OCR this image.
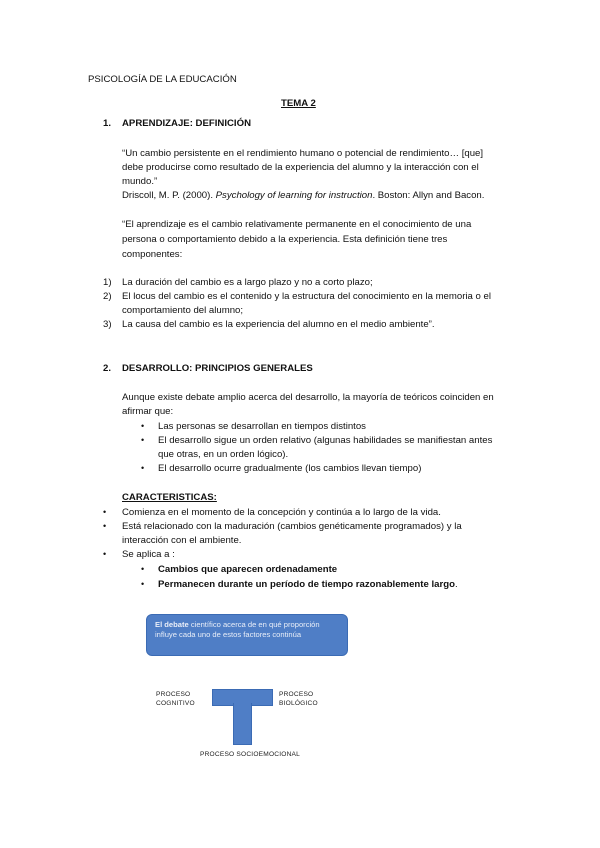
PSICOLOGÍA DE LA EDUCACIÓN
TEMA 2
1. APRENDIZAJE: DEFINICIÓN
“Un cambio persistente en el rendimiento humano o potencial de rendimiento… [que]
debe producirse como resultado de la experiencia del alumno y la interacción con el
mundo.”
Driscoll, M. P. (2000). Psychology of learning for instruction. Boston: Allyn and Bacon.
“El aprendizaje es el cambio relativamente permanente en el conocimiento de una
persona o comportamiento debido a la experiencia. Esta definición tiene tres
componentes:
1) La duración del cambio es a largo plazo y no a corto plazo;
2) El locus del cambio es el contenido y la estructura del conocimiento en la memoria o el
comportamiento del alumno;
3) La causa del cambio es la experiencia del alumno en el medio ambiente”.
2. DESARROLLO: PRINCIPIOS GENERALES
Aunque existe debate amplio acerca del desarrollo, la mayoría de teóricos coinciden en
afirmar que:
• Las personas se desarrollan en tiempos distintos
• El desarrollo sigue un orden relativo (algunas habilidades se manifiestan antes
que otras, en un orden lógico).
• El desarrollo ocurre gradualmente (los cambios llevan tiempo)
CARACTERISTICAS:
• Comienza en el momento de la concepción y continúa a lo largo de la vida.
• Está relacionado con la maduración (cambios genéticamente programados) y la
interacción con el ambiente.
• Se aplica a :
• Cambios que aparecen ordenadamente
• Permanecen durante un período de tiempo razonablemente largo.
El debate científico acerca de en qué proporción
influye cada uno de estos factores continúa
PROCESO
COGNITIVO
PROCESO
BIOLÓGICO
PROCESO SOCIOEMOCIONAL
